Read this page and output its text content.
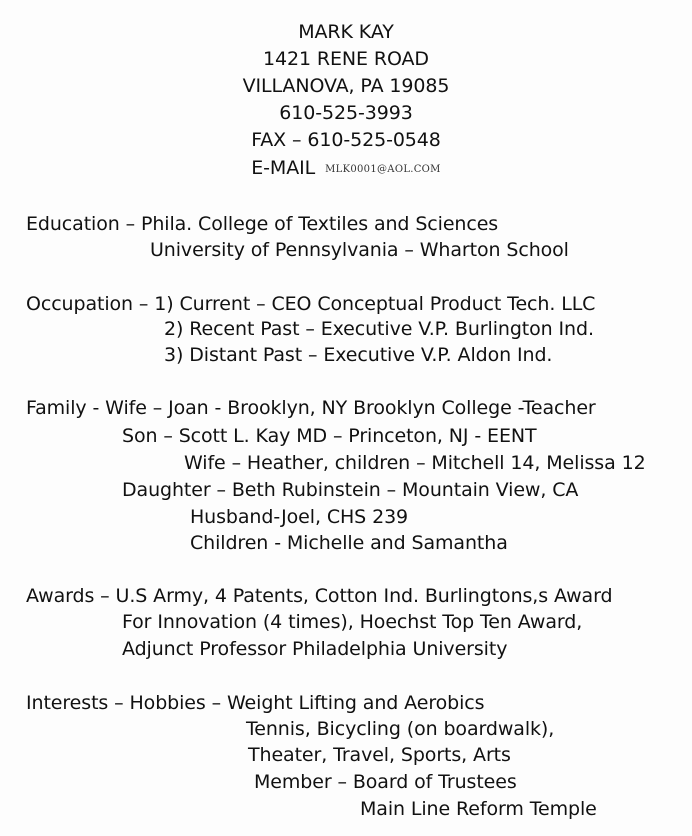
MARK KAY
1421 RENE ROAD
VILLANOVA, PA 19085
610-525-3993
FAX – 610-525-0548
E-MAIL MLK0001@AOL.COM
Education – Phila. College of Textiles and Sciences
University of Pennsylvania – Wharton School
Occupation – 1) Current – CEO Conceptual Product Tech. LLC
2) Recent Past – Executive V.P. Burlington Ind.
3) Distant Past – Executive V.P. Aldon Ind.
Family - Wife – Joan - Brooklyn, NY Brooklyn College -Teacher
Son – Scott L. Kay MD – Princeton, NJ - EENT
Wife – Heather, children – Mitchell 14, Melissa 12
Daughter – Beth Rubinstein – Mountain View, CA
Husband-Joel, CHS 239
Children - Michelle and Samantha
Awards – U.S Army, 4 Patents, Cotton Ind. Burlingtons,s Award
For Innovation (4 times), Hoechst Top Ten Award,
Adjunct Professor Philadelphia University
Interests – Hobbies – Weight Lifting and Aerobics
Tennis, Bicycling (on boardwalk),
Theater, Travel, Sports, Arts
Member – Board of Trustees
Main Line Reform Temple
